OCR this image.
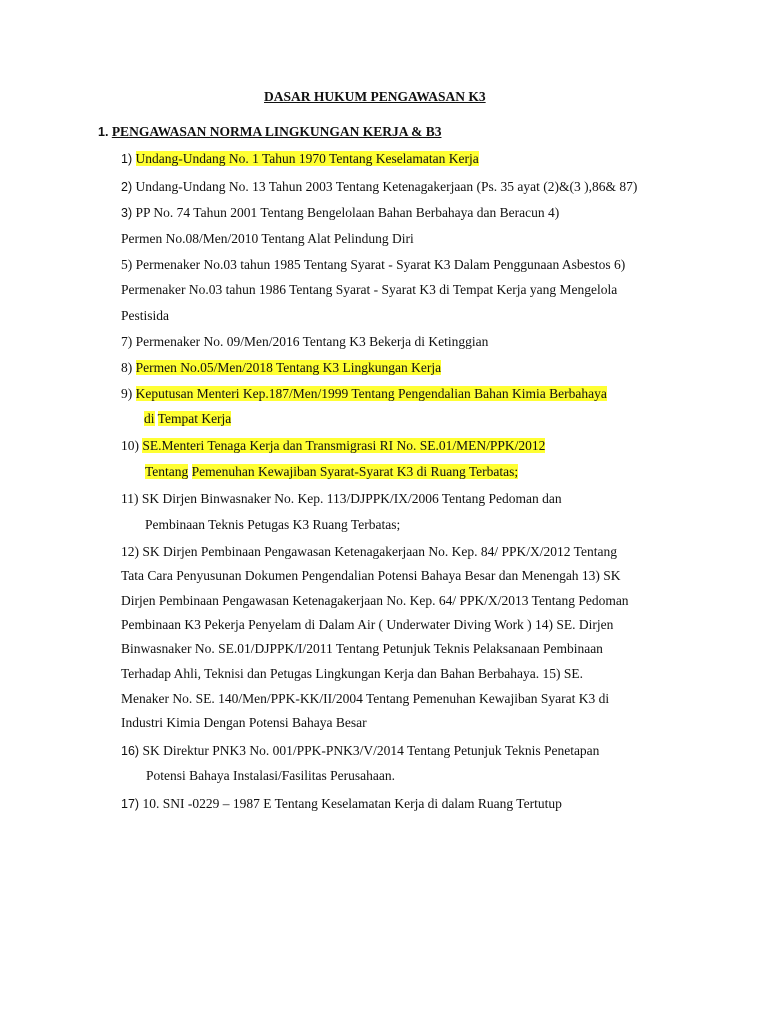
DASAR HUKUM PENGAWASAN K3
1. PENGAWASAN NORMA LINGKUNGAN KERJA & B3
1) Undang-Undang No. 1 Tahun 1970 Tentang Keselamatan Kerja
2) Undang-Undang No. 13 Tahun 2003 Tentang Ketenagakerjaan (Ps. 35 ayat (2)&(3 ),86& 87)
3) PP No. 74 Tahun 2001 Tentang Bengelolaan Bahan Berbahaya dan Beracun 4)
Permen No.08/Men/2010 Tentang Alat Pelindung Diri
5) Permenaker No.03 tahun 1985 Tentang Syarat - Syarat K3 Dalam Penggunaan Asbestos 6)
Permenaker No.03 tahun 1986 Tentang Syarat - Syarat K3 di Tempat Kerja yang Mengelola
Pestisida
7) Permenaker No. 09/Men/2016 Tentang K3 Bekerja di Ketinggian
8) Permen No.05/Men/2018 Tentang K3 Lingkungan Kerja
9) Keputusan Menteri Kep.187/Men/1999 Tentang Pengendalian Bahan Kimia Berbahaya
di Tempat Kerja
10) SE.Menteri Tenaga Kerja dan Transmigrasi RI No. SE.01/MEN/PPK/2012
Tentang Pemenuhan Kewajiban Syarat-Syarat K3 di Ruang Terbatas;
11) SK Dirjen Binwasnaker No. Kep. 113/DJPPK/IX/2006 Tentang Pedoman dan
Pembinaan Teknis Petugas K3 Ruang Terbatas;
12) SK Dirjen Pembinaan Pengawasan Ketenagakerjaan No. Kep. 84/ PPK/X/2012 Tentang
Tata Cara Penyusunan Dokumen Pengendalian Potensi Bahaya Besar dan Menengah 13) SK
Dirjen Pembinaan Pengawasan Ketenagakerjaan No. Kep. 64/ PPK/X/2013 Tentang Pedoman
Pembinaan K3 Pekerja Penyelam di Dalam Air ( Underwater Diving Work ) 14) SE. Dirjen
Binwasnaker No. SE.01/DJPPK/I/2011 Tentang Petunjuk Teknis Pelaksanaan Pembinaan
Terhadap Ahli, Teknisi dan Petugas Lingkungan Kerja dan Bahan Berbahaya. 15) SE.
Menaker No. SE. 140/Men/PPK-KK/II/2004 Tentang Pemenuhan Kewajiban Syarat K3 di
Industri Kimia Dengan Potensi Bahaya Besar
16) SK Direktur PNK3 No. 001/PPK-PNK3/V/2014 Tentang Petunjuk Teknis Penetapan
Potensi Bahaya Instalasi/Fasilitas Perusahaan.
17) 10. SNI -0229 – 1987 E Tentang Keselamatan Kerja di dalam Ruang Tertutup
